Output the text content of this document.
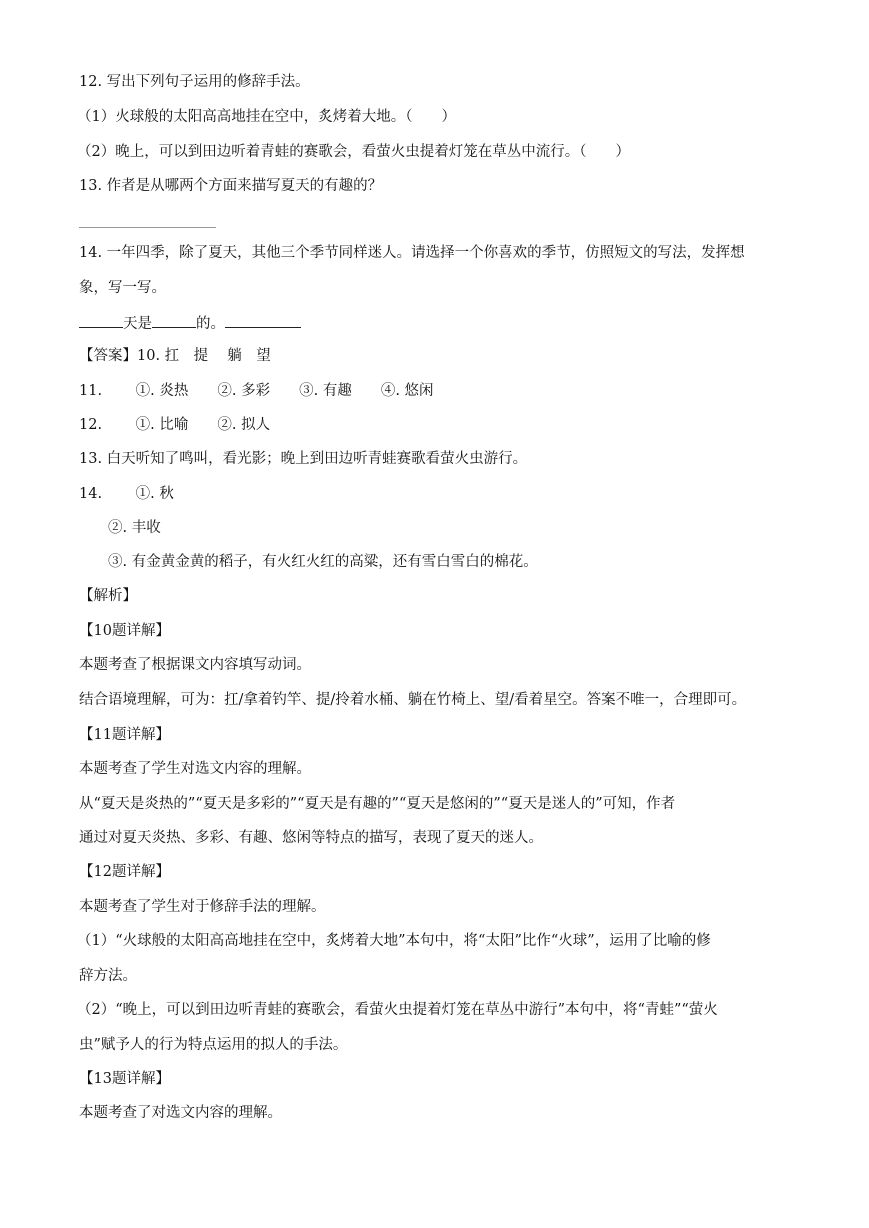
12. 写出下列句子运用的修辞手法。
（1）火球般的太阳高高地挂在空中，炙烤着大地。（　　）
（2）晚上，可以到田边听着青蛙的赛歌会，看萤火虫提着灯笼在草丛中流行。（　　）
13. 作者是从哪两个方面来描写夏天的有趣的？
14. 一年四季，除了夏天，其他三个季节同样迷人。请选择一个你喜欢的季节，仿照短文的写法，发挥想
象，写一写。
天是	的。
【答案】10. 扛　提　 躺　望
11.　　 ①. 炎热　　②. 多彩　　③. 有趣　　④. 悠闲
12.　　 ①. 比喻　　②. 拟人
13. 白天听知了鸣叫，看光影；晚上到田边听青蛙赛歌看萤火虫游行。
14.　　 ①. 秋
②. 丰收
③. 有金黄金黄的稻子，有火红火红的高粱，还有雪白雪白的棉花。
【解析】
【10题详解】
本题考查了根据课文内容填写动词。
结合语境理解，可为：扛/拿着钓竿、提/拎着水桶、躺在竹椅上、望/看着星空。答案不唯一，合理即可。
【11题详解】
本题考查了学生对选文内容的理解。
从“夏天是炎热的”“夏天是多彩的”“夏天是有趣的”“夏天是悠闲的”“夏天是迷人的”可知，作者
通过对夏天炎热、多彩、有趣、悠闲等特点的描写，表现了夏天的迷人。
【12题详解】
本题考查了学生对于修辞手法的理解。
（1）“火球般的太阳高高地挂在空中，炙烤着大地”本句中，将“太阳”比作“火球”，运用了比喻的修
辞方法。
（2）“晚上，可以到田边听青蛙的赛歌会，看萤火虫提着灯笼在草丛中游行”本句中，将“青蛙”“萤火
虫”赋予人的行为特点运用的拟人的手法。
【13题详解】
本题考查了对选文内容的理解。
